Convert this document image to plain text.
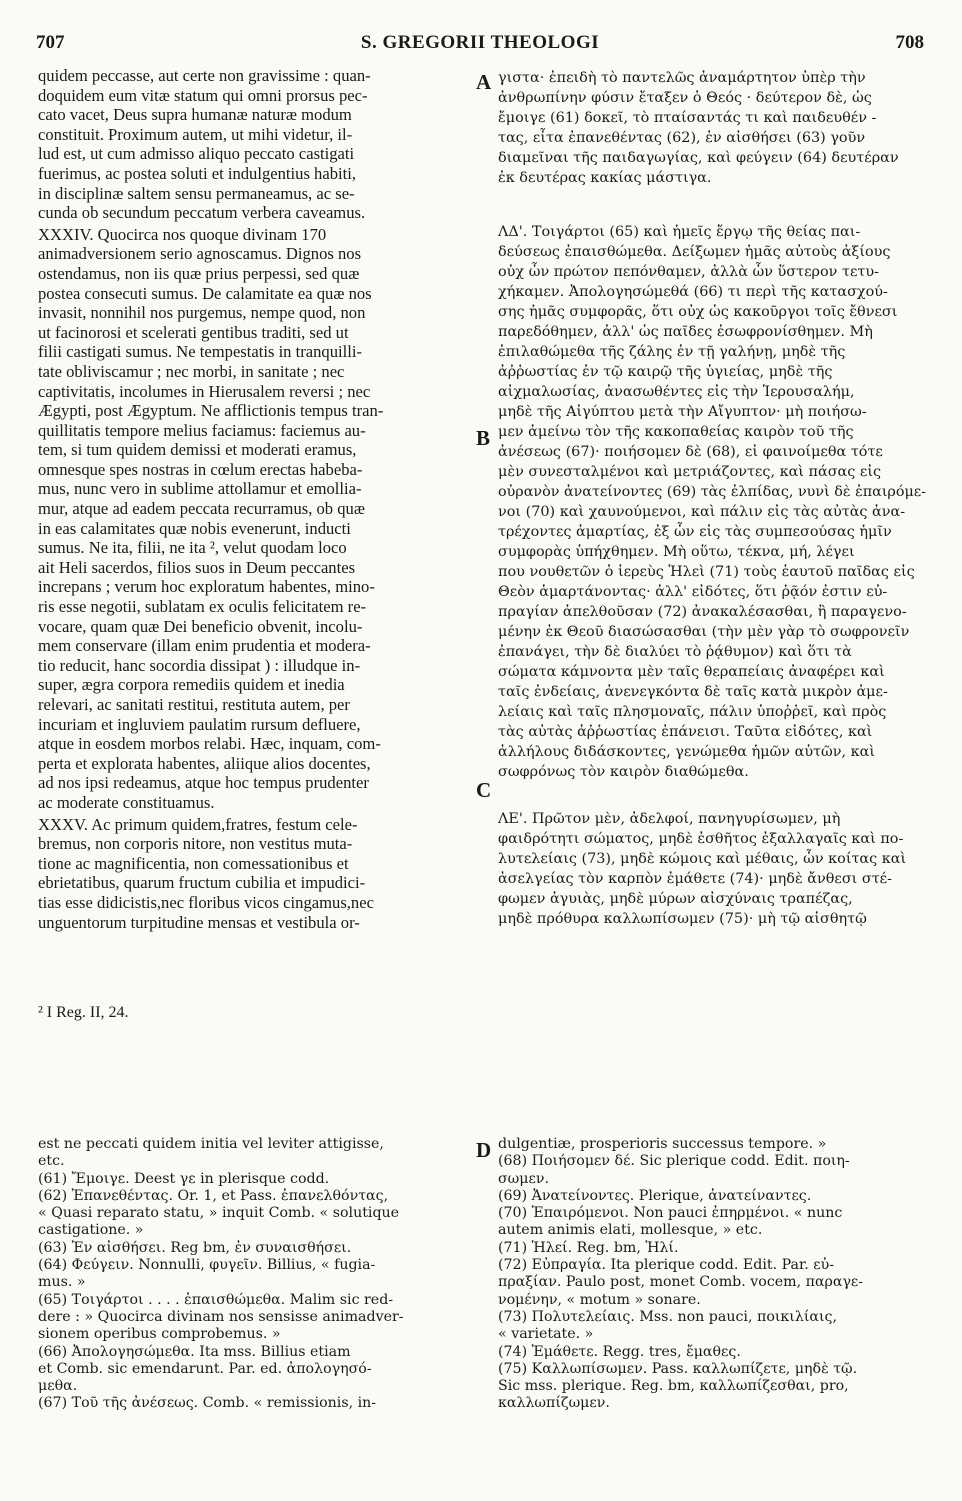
707	S. GREGORII THEOLOGI	708
A
B
C
D

quidem peccasse, aut certe non gravissime : quan-

doquidem eum vitæ statum qui omni prorsus pec-

cato vacet, Deus supra humanæ naturæ modum

constituit. Proximum autem, ut mihi videtur, il-

lud est, ut cum admisso aliquo peccato castigati

fuerimus, ac postea soluti et indulgentius habiti,

in disciplinæ saltem sensu permaneamus, ac se-

cunda ob secundum peccatum verbera caveamus.

XXXIV. Quocirca nos quoque divinam 170

animadversionem serio agnoscamus. Dignos nos

ostendamus, non iis quæ prius perpessi, sed quæ

postea consecuti sumus. De calamitate ea quæ nos

invasit, nonnihil nos purgemus, nempe quod, non

ut facinorosi et scelerati gentibus traditi, sed ut

filii castigati sumus. Ne tempestatis in tranquilli-

tate obliviscamur ; nec morbi, in sanitate ; nec

captivitatis, incolumes in Hierusalem reversi ; nec

Ægypti, post Ægyptum. Ne afflictionis tempus tran-

quillitatis tempore melius faciamus: faciemus au-

tem, si tum quidem demissi et moderati eramus,

omnesque spes nostras in cœlum erectas habeba-

mus, nunc vero in sublime attollamur et emollia-

mur, atque ad eadem peccata recurramus, ob quæ

in eas calamitates quæ nobis evenerunt, inducti

sumus. Ne ita, filii, ne ita ², velut quodam loco

ait Heli sacerdos, filios suos in Deum peccantes

increpans ; verum hoc exploratum habentes, mino-

ris esse negotii, sublatam ex oculis felicitatem re-

vocare, quam quæ Dei beneficio obvenit, incolu-

mem conservare (illam enim prudentia et modera-

tio reducit, hanc socordia dissipat ) : illudque in-

super, ægra corpora remediis quidem et inedia

relevari, ac sanitati restitui, restituta autem, per

incuriam et ingluviem paulatim rursum defluere,

atque in eosdem morbos relabi. Hæc, inquam, com-

perta et explorata habentes, aliique alios docentes,

ad nos ipsi redeamus, atque hoc tempus prudenter

ac moderate constituamus.

XXXV. Ac primum quidem,fratres, festum cele-

bremus, non corporis nitore, non vestitus muta-

tione ac magnificentia, non comessationibus et

ebrietatibus, quarum fructum cubilia et impudici-

tias esse didicistis,nec floribus vicos cingamus,nec

unguentorum turpitudine mensas et vestibula or-

γιστα· ἐπειδὴ τὸ παντελῶς ἀναμάρτητον ὑπὲρ τὴν

ἀνθρωπίνην φύσιν ἔταξεν ὁ Θεός · δεύτερον δὲ, ὡς

ἔμοιγε (61) δοκεῖ, τὸ πταίσαντάς τι καὶ παιδευθέν -

τας, εἶτα ἐπανεθέντας (62), ἐν αἰσθήσει (63) γοῦν

διαμεῖναι τῆς παιδαγωγίας, καὶ φεύγειν (64) δευτέραν

ἐκ δευτέρας κακίας μάστιγα.

ΛΔ'. Τοιγάρτοι (65) καὶ ἡμεῖς ἔργῳ τῆς θείας παι-

δεύσεως ἐπαισθώμεθα. Δείξωμεν ἡμᾶς αὐτοὺς ἀξίους

οὐχ ὧν πρώτον πεπόνθαμεν, ἀλλὰ ὧν ὕστερον τετυ-

χήκαμεν. Ἀπολογησώμεθά (66) τι περὶ τῆς κατασχού-

σης ἡμᾶς συμφορᾶς, ὅτι οὐχ ὡς κακοῦργοι τοῖς ἔθνεσι

παρεδόθημεν, ἀλλ' ὡς παῖδες ἐσωφρονίσθημεν. Μὴ

ἐπιλαθώμεθα τῆς ζάλης ἐν τῇ γαλήνῃ, μηδὲ τῆς

ἀῤῥωστίας ἐν τῷ καιρῷ τῆς ὑγιείας, μηδὲ τῆς

αἰχμαλωσίας, ἀνασωθέντες εἰς τὴν Ἱερουσαλήμ,

μηδὲ τῆς Αἰγύπτου μετὰ τὴν Αἴγυπτον· μὴ ποιήσω-

μεν ἀμείνω τὸν τῆς κακοπαθείας καιρὸν τοῦ τῆς

ἀνέσεως (67)· ποιήσομεν δὲ (68), εἰ φαινοίμεθα τότε

μὲν συνεσταλμένοι καὶ μετριάζοντες, καὶ πάσας εἰς

οὐρανὸν ἀνατείνοντες (69) τὰς ἐλπίδας, νυνὶ δὲ ἐπαιρόμε-

νοι (70) καὶ χαυνούμενοι, καὶ πάλιν εἰς τὰς αὐτὰς ἀνα-

τρέχοντες ἁμαρτίας, ἐξ ὧν εἰς τὰς συμπεσούσας ἡμῖν

συμφορὰς ὑπήχθημεν. Μὴ οὕτω, τέκνα, μή, λέγει

που νουθετῶν ὁ ἱερεὺς Ἡλεὶ (71) τοὺς ἑαυτοῦ παῖδας εἰς

Θεὸν ἁμαρτάνοντας· ἀλλ' εἰδότες, ὅτι ῥᾷόν ἐστιν εὐ-

πραγίαν ἀπελθοῦσαν (72) ἀνακαλέσασθαι, ἢ παραγενο-

μένην ἐκ Θεοῦ διασώσασθαι (τὴν μὲν γὰρ τὸ σωφρονεῖν

ἐπανάγει, τὴν δὲ διαλύει τὸ ῥᾴθυμον) καὶ ὅτι τὰ

σώματα κάμνοντα μὲν ταῖς θεραπείαις ἀναφέρει καὶ

ταῖς ἐνδείαις, ἀνενεγκόντα δὲ ταῖς κατὰ μικρὸν ἀμε-

λείαις καὶ ταῖς πλησμοναῖς, πάλιν ὑποῤῥεῖ, καὶ πρὸς

τὰς αὐτὰς ἀῤῥωστίας ἐπάνεισι. Ταῦτα εἰδότες, καὶ

ἀλλήλους διδάσκοντες, γενώμεθα ἡμῶν αὐτῶν, καὶ

σωφρόνως τὸν καιρὸν διαθώμεθα.

ΛΕ'. Πρῶτον μὲν, ἀδελφοί, πανηγυρίσωμεν, μὴ

φαιδρότητι σώματος, μηδὲ ἐσθῆτος ἐξαλλαγαῖς καὶ πο-

λυτελείαις (73), μηδὲ κώμοις καὶ μέθαις, ὧν κοίτας καὶ

ἀσελγείας τὸν καρπὸν ἐμάθετε (74)· μηδὲ ἄνθεσι στέ-

φωμεν ἀγυιὰς, μηδὲ μύρων αἰσχύναις τραπέζας,

μηδὲ πρόθυρα καλλωπίσωμεν (75)· μὴ τῷ αἰσθητῷ

² I Reg. II, 24.

est ne peccati quidem initia vel leviter attigisse,

etc.

(61) Ἔμοιγε. Deest γε in plerisque codd.

(62) Ἐπανεθέντας. Or. 1, et Pass. ἐπανελθόντας,

« Quasi reparato statu, » inquit Comb. « solutique

castigatione. »

(63) Ἐν αἰσθήσει. Reg bm, ἐν συναισθήσει.

(64) Φεύγειν. Nonnulli, φυγεῖν. Billius, « fugia-

mus. »

(65) Τοιγάρτοι . . . . ἐπαισθώμεθα. Malim sic red-

dere : » Quocirca divinam nos sensisse animadver-

sionem operibus comprobemus. »

(66) Ἀπολογησώμεθα. Ita mss. Billius etiam

et Comb. sic emendarunt. Par. ed. ἀπολογησό-

μεθα.

(67) Τοῦ τῆς ἀνέσεως. Comb. « remissionis, in-

dulgentiæ, prosperioris successus tempore. »

(68) Ποιήσομεν δέ. Sic plerique codd. Edit. ποιη-

σωμεν.

(69) Ἀνατείνοντες. Plerique, ἀνατείναντες.

(70) Ἐπαιρόμενοι. Non pauci ἐπηρμένοι. « nunc

autem animis elati, mollesque, » etc.

(71) Ἡλεί. Reg. bm, Ἡλί.

(72) Εὐπραγία. Ita plerique codd. Edit. Par. εὐ-

πραξίαν. Paulo post, monet Comb. vocem, παραγε-

νομένην, « motum » sonare.

(73) Πολυτελείαις. Mss. non pauci, ποικιλίαις,

« varietate. »

(74) Ἐμάθετε. Regg. tres, ἔμαθες.

(75) Καλλωπίσωμεν. Pass. καλλωπίζετε, μηδὲ τῷ.

Sic mss. plerique. Reg. bm, καλλωπίζεσθαι, pro,

καλλωπίζωμεν.
